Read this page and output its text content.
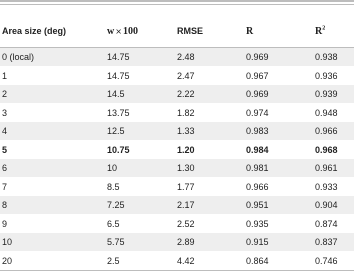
Area size (deg)	w×100	RMSE	R	$R^2$
0 (local)	14.75	2.48	0.969	0.938
1	14.75	2.47	0.967	0.936
2	14.5	2.22	0.969	0.939
3	13.75	1.82	0.974	0.948
4	12.5	1.33	0.983	0.966
5	10.75	1.20	0.984	0.968
6	10	1.30	0.981	0.961
7	8.5	1.77	0.966	0.933
8	7.25	2.17	0.951	0.904
9	6.5	2.52	0.935	0.874
10	5.75	2.89	0.915	0.837
20	2.5	4.42	0.864	0.746
